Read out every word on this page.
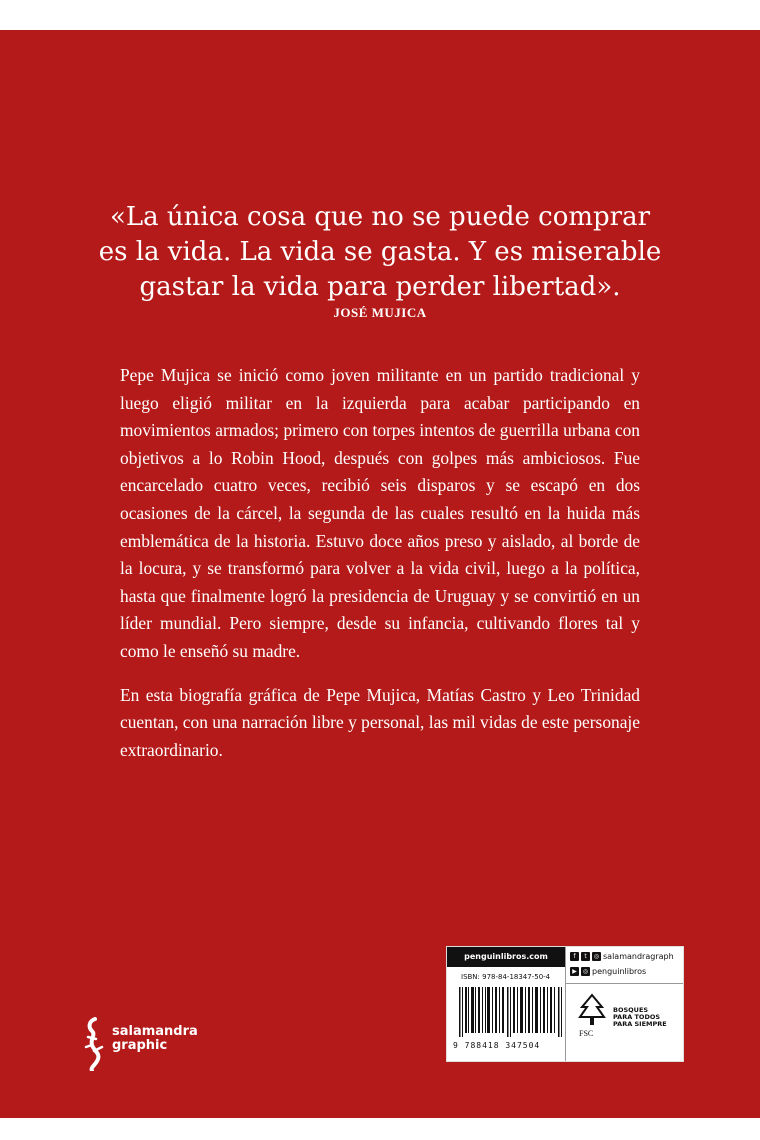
«La única cosa que no se puede comprar
es la vida. La vida se gasta. Y es miserable
gastar la vida para perder libertad».
JOSÉ MUJICA

Pepe Mujica se inició como joven militante en un partido tradicional y luego eligió militar en la izquierda para acabar participando en movimientos armados; primero con torpes intentos de guerrilla urbana con objetivos a lo Robin Hood, después con golpes más ambiciosos. Fue encarcelado cuatro veces, recibió seis disparos y se escapó en dos ocasiones de la cárcel, la segunda de las cuales resultó en la huida más emblemática de la historia. Estuvo doce años preso y aislado, al borde de la locura, y se transformó para volver a la vida civil, luego a la política, hasta que finalmente logró la presidencia de Uruguay y se convirtió en un líder mundial. Pero siempre, desde su infancia, cultivando flores tal y como le enseñó su madre.

En esta biografía gráfica de Pepe Mujica, Matías Castro y Leo Trinidad cuentan, con una narración libre y personal, las mil vidas de este personaje extraordinario.

salamandra
graphic
penguinlibros.com
ISBN: 978-84-18347-50-4
9 788418 347504
f	t	◎ salamandragraph
▶	◎ penguinlibros
BOSQUES
PARA TODOS
PARA SIEMPRE
FSC
